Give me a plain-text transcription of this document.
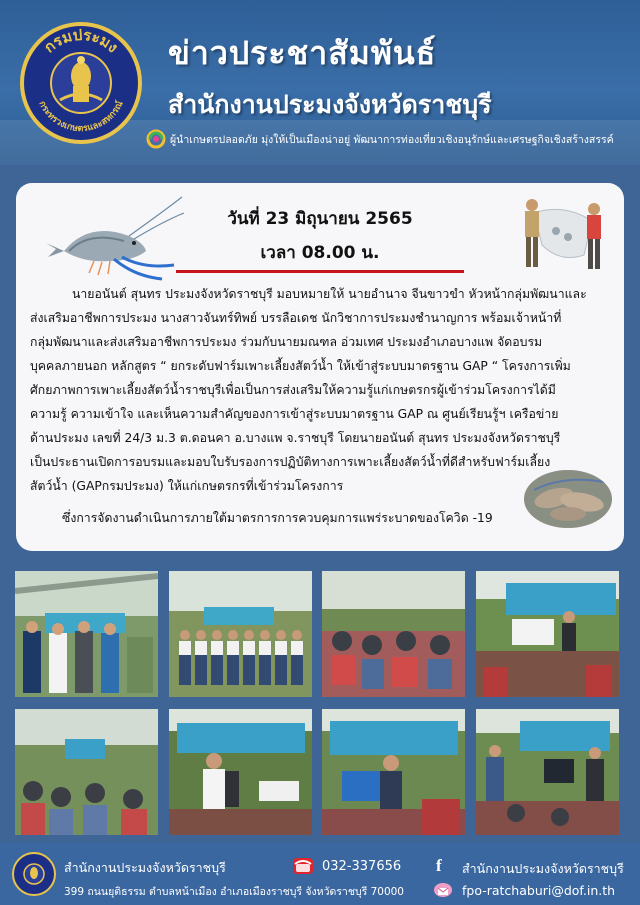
กรมประมง
กระทรวงเกษตรและสหกรณ์
ข่าวประชาสัมพันธ์
สำนักงานประมงจังหวัดราชบุรี
ผู้นำเกษตรปลอดภัย มุ่งให้เป็นเมืองน่าอยู่ พัฒนาการท่องเที่ยวเชิงอนุรักษ์และเศรษฐกิจเชิงสร้างสรรค์
วันที่ 23 มิถุนายน 2565
เวลา 08.00 น.

นายอนันต์ สุนทร ประมงจังหวัดราชบุรี มอบหมายให้ นายอำนาจ จีนขาวขำ หัวหน้ากลุ่มพัฒนาและ

ส่งเสริมอาชีพการประมง นางสาวจันทร์ทิพย์ บรรลือเดช นักวิชาการประมงชำนาญการ พร้อมเจ้าหน้าที่

กลุ่มพัฒนาและส่งเสริมอาชีพการประมง ร่วมกับนายมณฑล อ่วมเทศ ประมงอำเภอบางแพ จัดอบรม

บุคคลภายนอก หลักสูตร “ ยกระดับฟาร์มเพาะเลี้ยงสัตว์น้ำ ให้เข้าสู่ระบบมาตรฐาน GAP “ โครงการเพิ่ม

ศักยภาพการเพาะเลี้ยงสัตว์น้ำราชบุรีเพื่อเป็นการส่งเสริมให้ความรู้แก่เกษตรกรผู้เข้าร่วมโครงการได้มี

ความรู้ ความเข้าใจ และเห็นความสำคัญของการเข้าสู่ระบบมาตรฐาน GAP ณ ศูนย์เรียนรู้ฯ เครือข่าย

ด้านประมง เลขที่ 24/3 ม.3 ต.ดอนคา อ.บางแพ จ.ราชบุรี โดยนายอนันต์ สุนทร ประมงจังหวัดราชบุรี

เป็นประธานเปิดการอบรมและมอบใบรับรองการปฏิบัติทางการเพาะเลี้ยงสัตว์น้ำที่ดีสำหรับฟาร์มเลี้ยง

สัตว์น้ำ (GAPกรมประมง) ให้แก่เกษตรกรที่เข้าร่วมโครงการ

ซึ่งการจัดงานดำเนินการภายใต้มาตรการการควบคุมการแพร่ระบาดของโควิด -19
สำนักงานประมงจังหวัดราชบุรี
399 ถนนยุติธรรม ตำบลหน้าเมือง อำเภอเมืองราชบุรี จังหวัดราชบุรี 70000
032-337656 f	สำนักงานประมงจังหวัดราชบุรี
fpo-ratchaburi@dof.in.th
